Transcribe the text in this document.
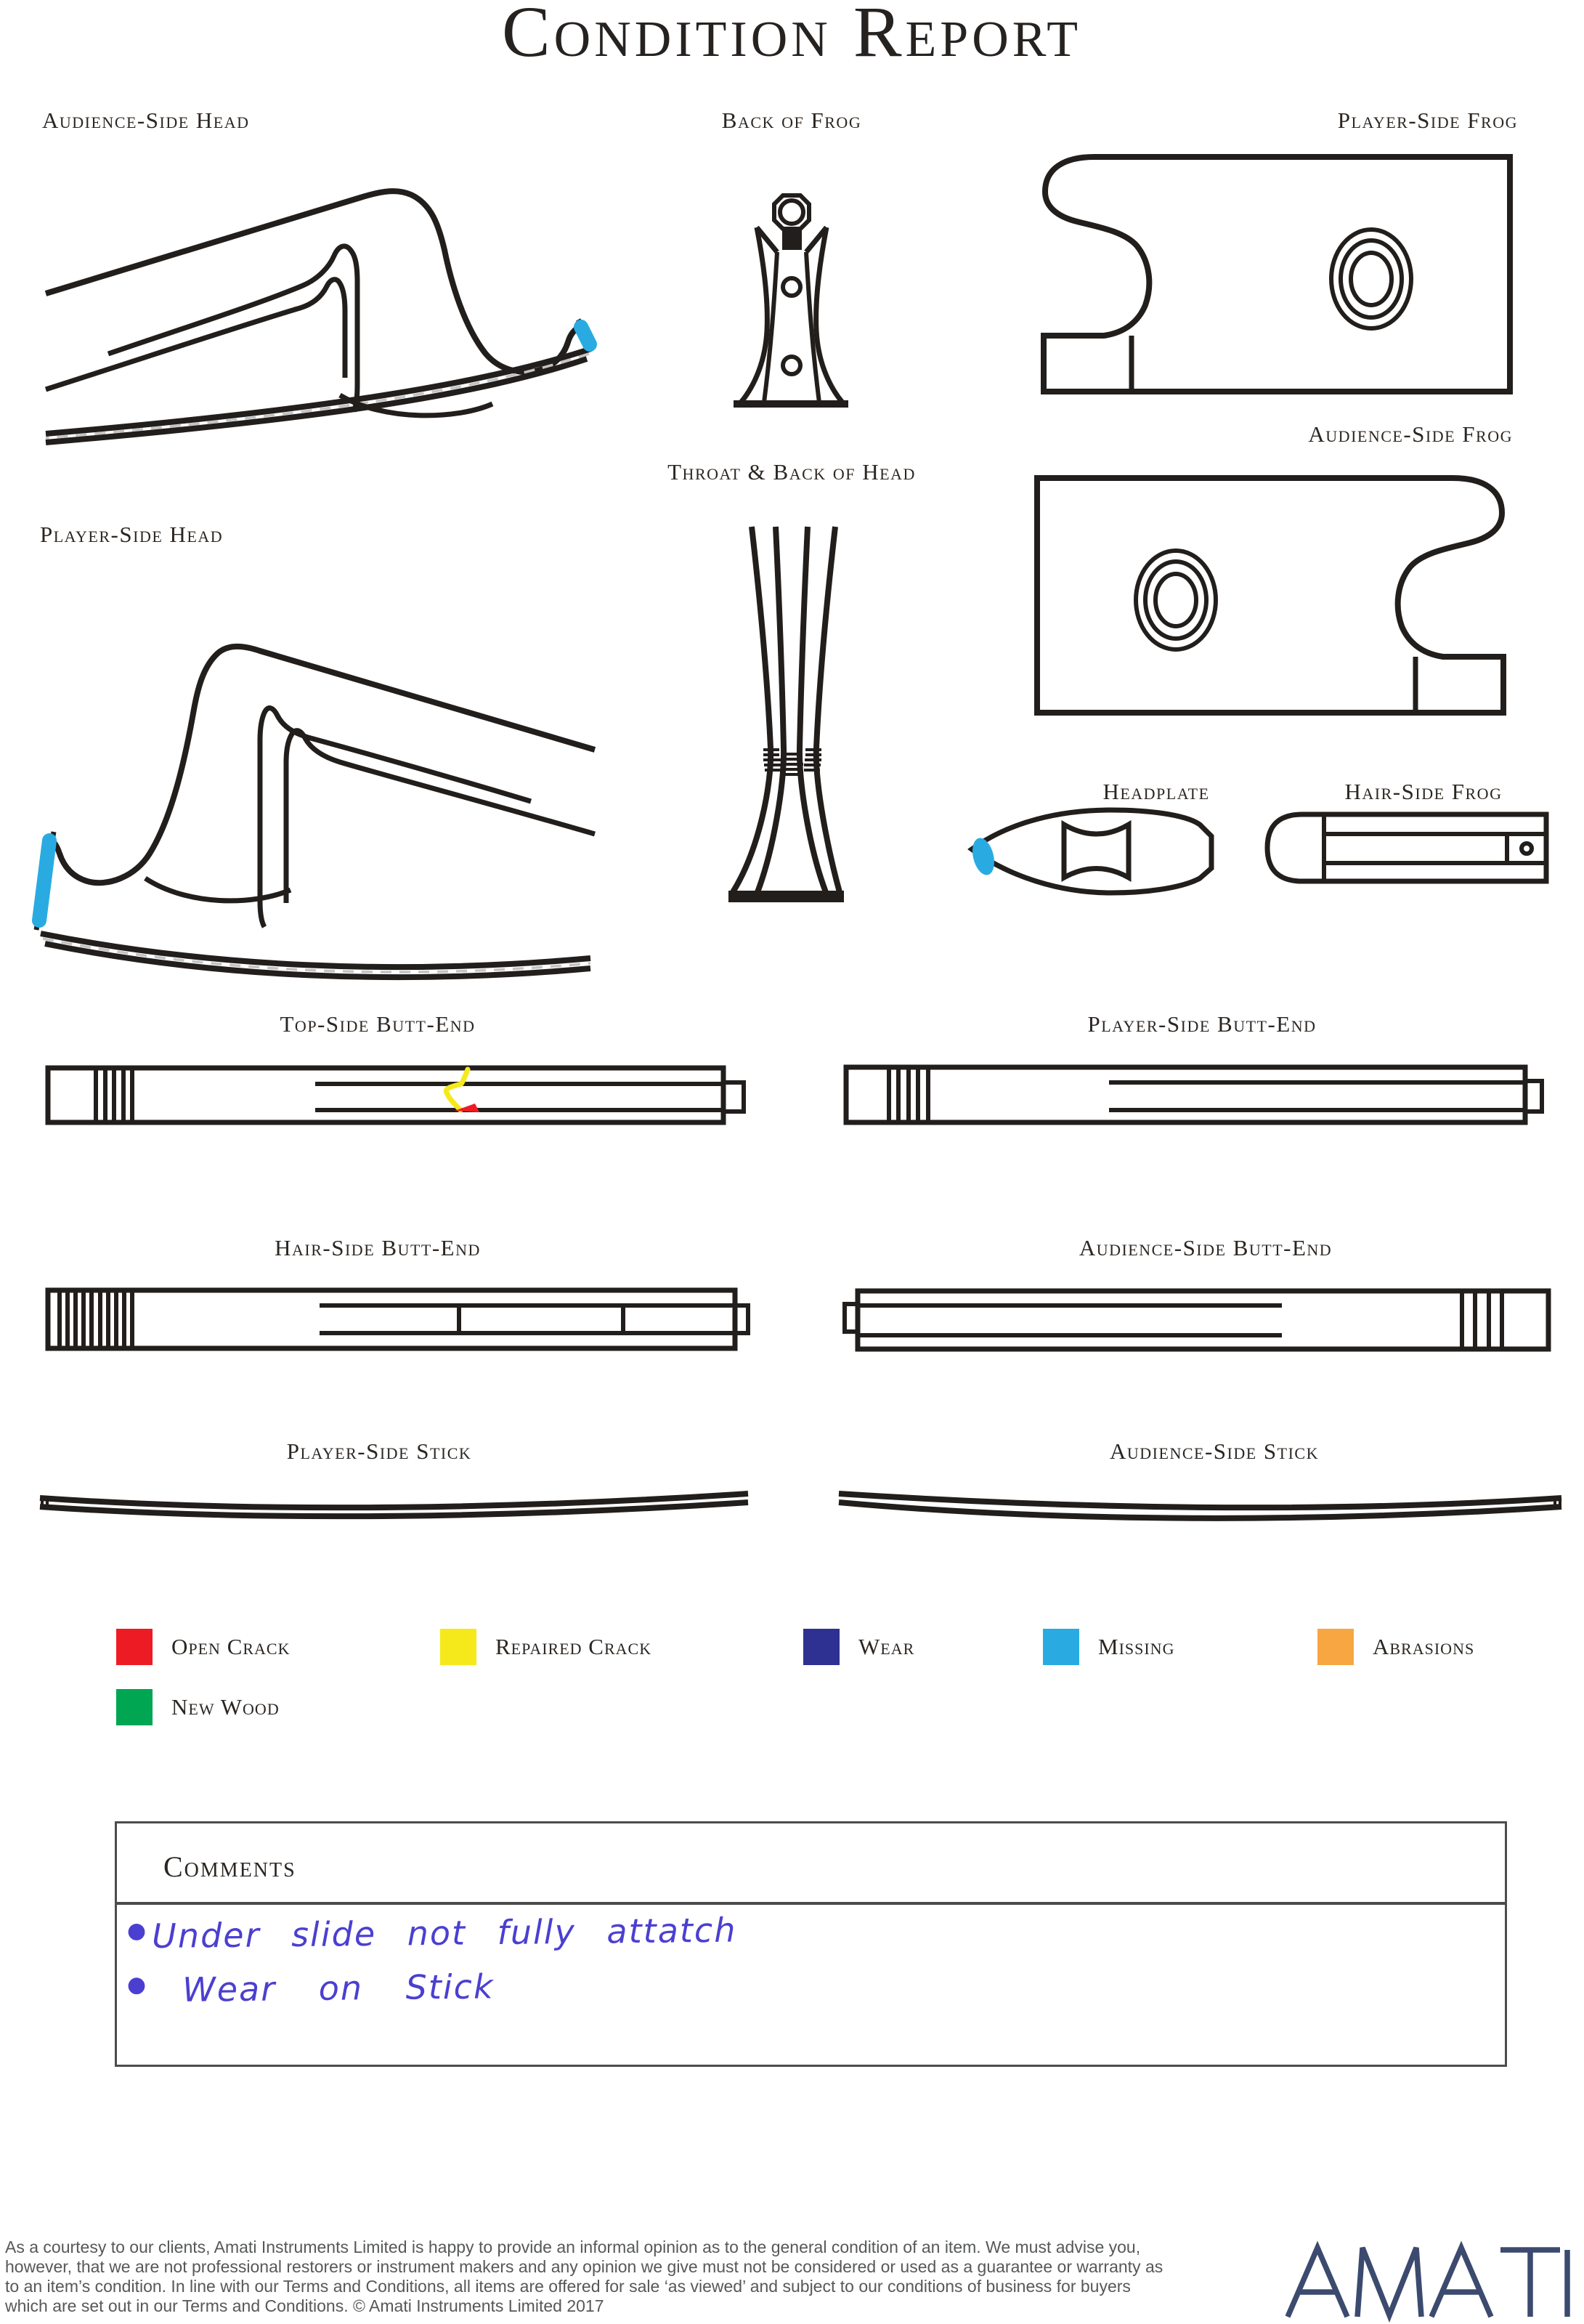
Condition Report
Audience-Side Head	Back of Frog	Player-Side Frog
Audience-Side Frog
Player-Side Head
Throat & Back of Head
Headplate	Hair-Side Frog
Top-Side Butt-End	Player-Side Butt-End
Hair-Side Butt-End	Audience-Side Butt-End
Player-Side Stick	Audience-Side Stick
Open Crack	Repaired Crack	Wear	Missing	Abrasions
New Wood
Comments
● Under slide not fully attatch
● Wear on Stick

As a courtesy to our clients, Amati Instruments Limited is happy to provide an informal opinion as to the general condition of an item. We must advise you, however, that we are not professional restorers or instrument makers and any opinion we give must not be considered or used as a guarantee or warranty as to an item’s condition. In line with our Terms and Conditions, all items are offered for sale ‘as viewed’ and subject to our conditions of business for buyers which are set out in our Terms and Conditions. © Amati Instruments Limited 2017
